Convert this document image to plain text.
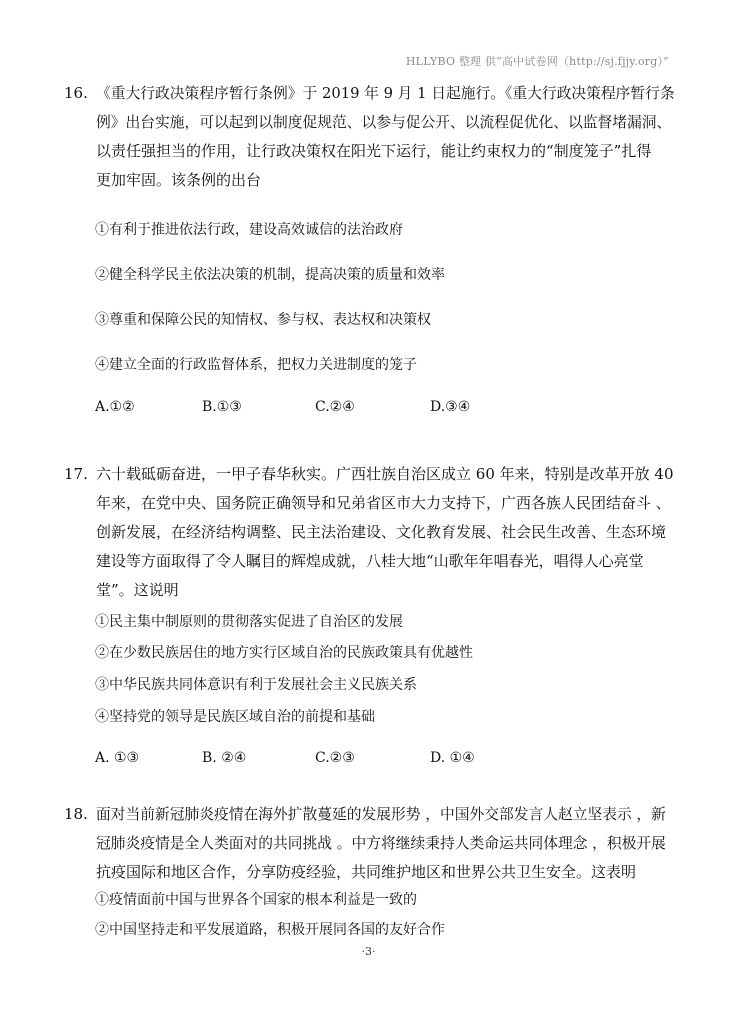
HLLYBO 整理 供“高中试卷网（http://sj.fjjy.org）”
16. 《重大行政决策程序暂行条例》于 2019 年 9 月 1 日起施行。《重大行政决策程序暂行条
例》出台实施，可以起到以制度促规范、以参与促公开、以流程促优化、以监督堵漏洞、
以责任强担当的作用，让行政决策权在阳光下运行，能让约束权力的“制度笼子”扎得
更加牢固。该条例的出台
①有利于推进依法行政，建设高效诚信的法治政府
②健全科学民主依法决策的机制，提高决策的质量和效率
③尊重和保障公民的知情权、参与权、表达权和决策权
④建立全面的行政监督体系，把权力关进制度的笼子
A.①②	B.①③	C.②④	D.③④
17. 六十载砥砺奋进，一甲子春华秋实。广西壮族自治区成立 60 年来，特别是改革开放 40
年来，在党中央、国务院正确领导和兄弟省区市大力支持下，广西各族人民团结奋斗 、
创新发展，在经济结构调整、民主法治建设、文化教育发展、社会民生改善、生态环境
建设等方面取得了令人瞩目的辉煌成就，八桂大地“山歌年年唱春光，唱得人心亮堂
堂”。这说明
①民主集中制原则的贯彻落实促进了自治区的发展
②在少数民族居住的地方实行区域自治的民族政策具有优越性
③中华民族共同体意识有利于发展社会主义民族关系
④坚持党的领导是民族区域自治的前提和基础
A. ①③	B. ②④	C.②③	D. ①④
18. 面对当前新冠肺炎疫情在海外扩散蔓延的发展形势 ，中国外交部发言人赵立坚表示 ，新
冠肺炎疫情是全人类面对的共同挑战 。中方将继续秉持人类命运共同体理念 ，积极开展
抗疫国际和地区合作，分享防疫经验，共同维护地区和世界公共卫生安全。这表明
①疫情面前中国与世界各个国家的根本利益是一致的
②中国坚持走和平发展道路，积极开展同各国的友好合作
·3·
